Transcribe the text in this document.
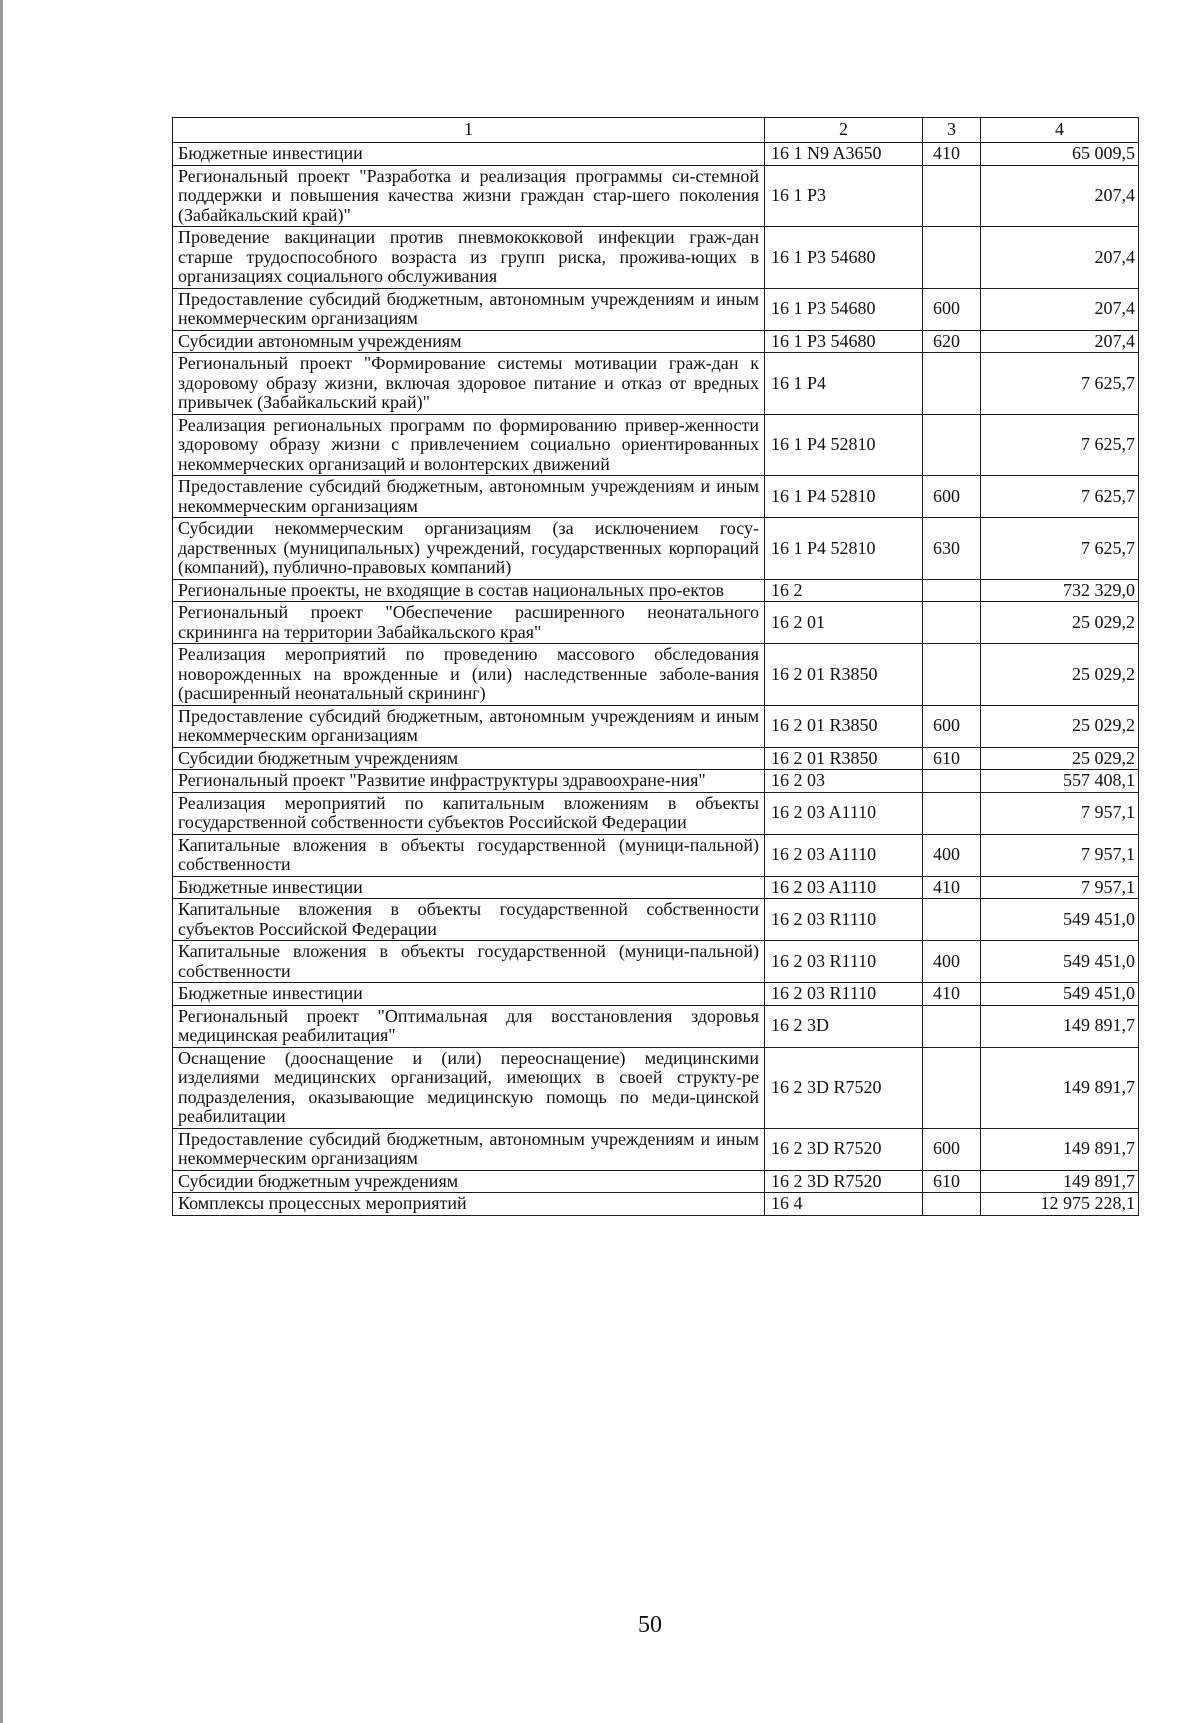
1	2	3	4
Бюджетные инвестиции	16 1 N9 A3650	410	65 009,5
Региональный проект "Разработка и реализация программы си-стемной поддержки и повышения качества жизни граждан стар-шего поколения (Забайкальский край)"	16 1 P3		207,4
Проведение вакцинации против пневмококковой инфекции граж-дан старше трудоспособного возраста из групп риска, прожива-ющих в организациях социального обслуживания	16 1 P3 54680		207,4
Предоставление субсидий бюджетным, автономным учреждениям и иным некоммерческим организациям	16 1 P3 54680	600	207,4
Субсидии автономным учреждениям	16 1 P3 54680	620	207,4
Региональный проект "Формирование системы мотивации граж-дан к здоровому образу жизни, включая здоровое питание и отказ от вредных привычек (Забайкальский край)"	16 1 P4		7 625,7
Реализация региональных программ по формированию привер-женности здоровому образу жизни с привлечением социально ориентированных некоммерческих организаций и волонтерских движений	16 1 P4 52810		7 625,7
Предоставление субсидий бюджетным, автономным учреждениям и иным некоммерческим организациям	16 1 P4 52810	600	7 625,7
Субсидии некоммерческим организациям (за исключением госу-дарственных (муниципальных) учреждений, государственных корпораций (компаний), публично-правовых компаний)	16 1 P4 52810	630	7 625,7
Региональные проекты, не входящие в состав национальных про-ектов	16 2		732 329,0
Региональный проект "Обеспечение расширенного неонатального скрининга на территории Забайкальского края"	16 2 01		25 029,2
Реализация мероприятий по проведению массового обследования новорожденных на врожденные и (или) наследственные заболе-вания (расширенный неонатальный скрининг)	16 2 01 R3850		25 029,2
Предоставление субсидий бюджетным, автономным учреждениям и иным некоммерческим организациям	16 2 01 R3850	600	25 029,2
Субсидии бюджетным учреждениям	16 2 01 R3850	610	25 029,2
Региональный проект "Развитие инфраструктуры здравоохране-ния"	16 2 03		557 408,1
Реализация мероприятий по капитальным вложениям в объекты государственной собственности субъектов Российской Федерации	16 2 03 A1110		7 957,1
Капитальные вложения в объекты государственной (муници-пальной) собственности	16 2 03 A1110	400	7 957,1
Бюджетные инвестиции	16 2 03 A1110	410	7 957,1
Капитальные вложения в объекты государственной собственности субъектов Российской Федерации	16 2 03 R1110		549 451,0
Капитальные вложения в объекты государственной (муници-пальной) собственности	16 2 03 R1110	400	549 451,0
Бюджетные инвестиции	16 2 03 R1110	410	549 451,0
Региональный проект "Оптимальная для восстановления здоровья медицинская реабилитация"	16 2 3D		149 891,7
Оснащение (дооснащение и (или) переоснащение) медицинскими изделиями медицинских организаций, имеющих в своей структу-ре подразделения, оказывающие медицинскую помощь по меди-цинской реабилитации	16 2 3D R7520		149 891,7
Предоставление субсидий бюджетным, автономным учреждениям и иным некоммерческим организациям	16 2 3D R7520	600	149 891,7
Субсидии бюджетным учреждениям	16 2 3D R7520	610	149 891,7
Комплексы процессных мероприятий	16 4		12 975 228,1
50
